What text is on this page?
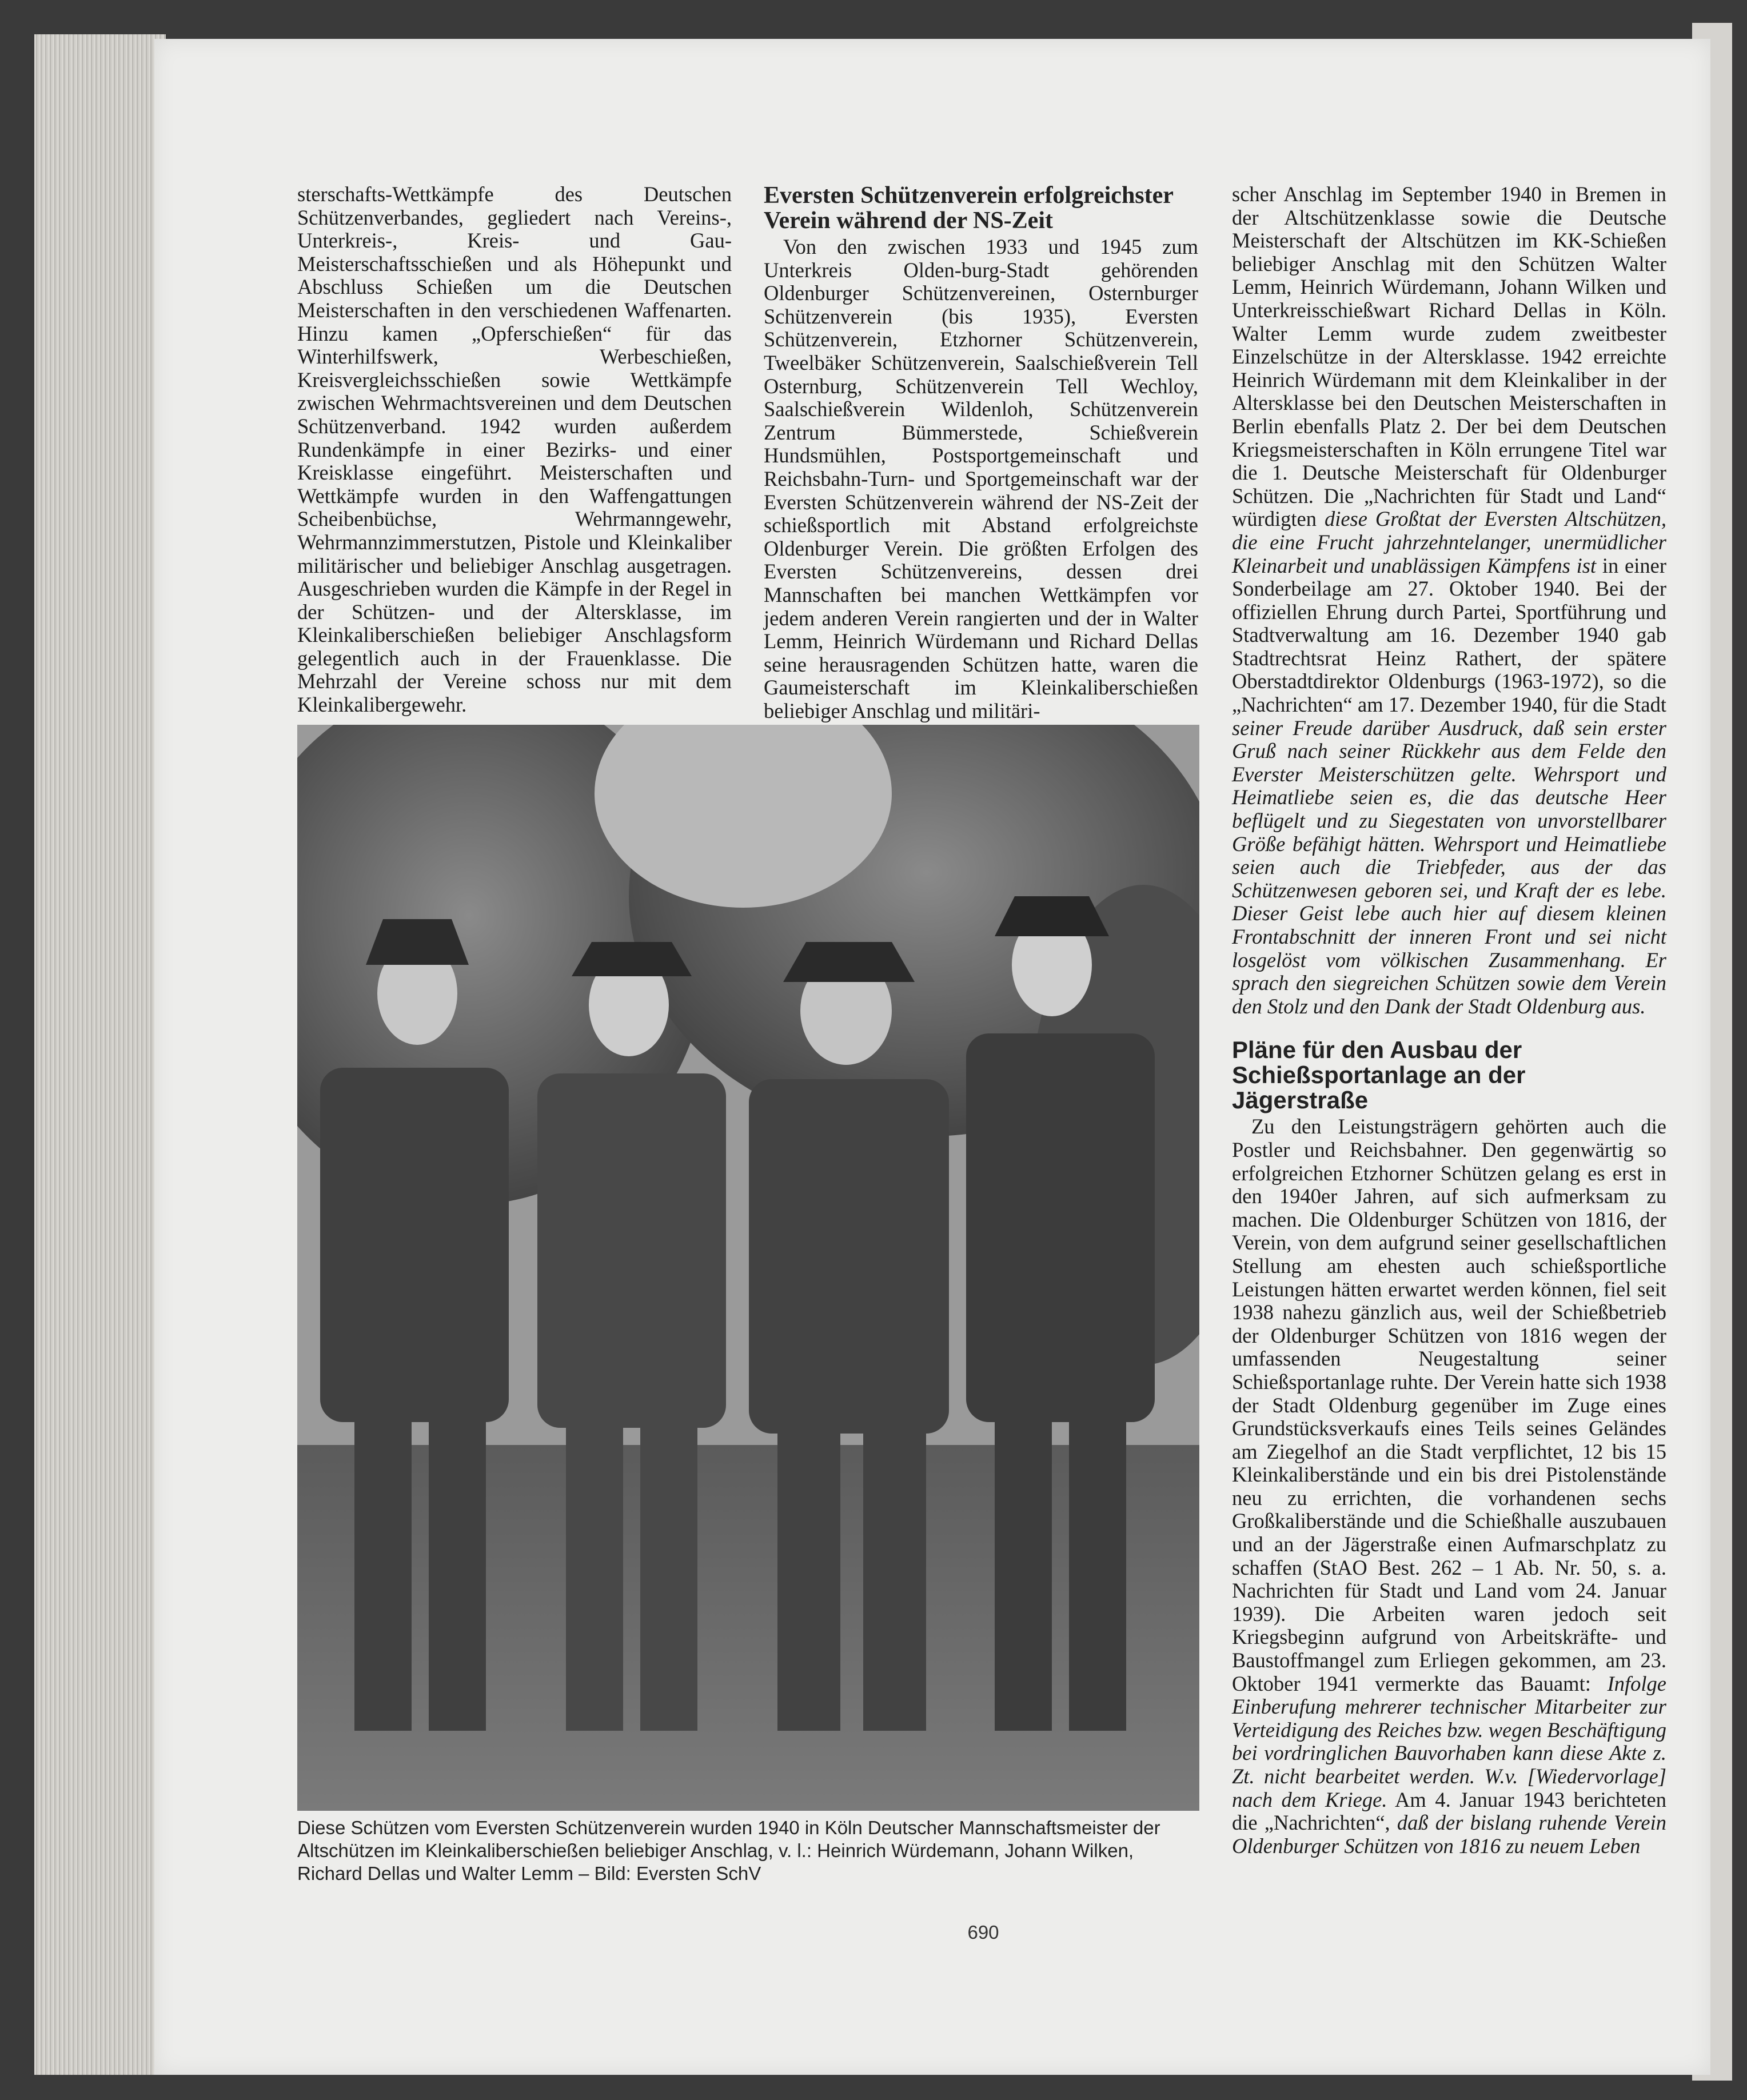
sterschafts-Wettkämpfe des Deutschen Schützenverbandes, gegliedert nach Vereins-, Unterkreis-, Kreis- und Gau-Meisterschaftsschießen und als Höhepunkt und Abschluss Schießen um die Deutschen Meisterschaften in den verschiedenen Waffenarten. Hinzu kamen „Opferschießen“ für das Winterhilfswerk, Werbeschießen, Kreisvergleichsschießen sowie Wettkämpfe zwischen Wehrmachtsvereinen und dem Deutschen Schützenverband. 1942 wurden außerdem Rundenkämpfe in einer Bezirks- und einer Kreisklasse eingeführt. Meisterschaften und Wettkämpfe wurden in den Waffengattungen Scheibenbüchse, Wehrmanngewehr, Wehrmannzimmerstutzen, Pistole und Kleinkaliber militärischer und beliebiger Anschlag ausgetragen. Ausgeschrieben wurden die Kämpfe in der Regel in der Schützen- und der Altersklasse, im Kleinkaliberschießen beliebiger Anschlagsform gelegentlich auch in der Frauenklasse. Die Mehrzahl der Vereine schoss nur mit dem Kleinkalibergewehr.

Eversten Schützenverein erfolgreichster Verein während der NS-Zeit

Von den zwischen 1933 und 1945 zum Unterkreis Olden-burg-Stadt gehörenden Oldenburger Schützenvereinen, Osternburger Schützenverein (bis 1935), Eversten Schützenverein, Etzhorner Schützenverein, Tweelbäker Schützenverein, Saalschießverein Tell Osternburg, Schützenverein Tell Wechloy, Saalschießverein Wildenloh, Schützenverein Zentrum Bümmerstede, Schießverein Hundsmühlen, Postsportgemeinschaft und Reichsbahn-Turn- und Sportgemeinschaft war der Eversten Schützenverein während der NS-Zeit der schießsportlich mit Abstand erfolgreichste Oldenburger Verein. Die größten Erfolgen des Eversten Schützenvereins, dessen drei Mannschaften bei manchen Wettkämpfen vor jedem anderen Verein rangierten und der in Walter Lemm, Heinrich Würdemann und Richard Dellas seine herausragenden Schützen hatte, waren die Gaumeisterschaft im Kleinkaliberschießen beliebiger Anschlag und militäri-

scher Anschlag im September 1940 in Bremen in der Altschützenklasse sowie die Deutsche Meisterschaft der Altschützen im KK-Schießen beliebiger Anschlag mit den Schützen Walter Lemm, Heinrich Würdemann, Johann Wilken und Unterkreisschießwart Richard Dellas in Köln. Walter Lemm wurde zudem zweitbester Einzelschütze in der Altersklasse. 1942 erreichte Heinrich Würdemann mit dem Kleinkaliber in der Altersklasse bei den Deutschen Meisterschaften in Berlin ebenfalls Platz 2. Der bei dem Deutschen Kriegsmeisterschaften in Köln errungene Titel war die 1. Deutsche Meisterschaft für Oldenburger Schützen. Die „Nachrichten für Stadt und Land“ würdigten diese Großtat der Eversten Altschützen, die eine Frucht jahrzehntelanger, unermüdlicher Kleinarbeit und unablässigen Kämpfens ist in einer Sonderbeilage am 27. Oktober 1940. Bei der offiziellen Ehrung durch Partei, Sportführung und Stadtverwaltung am 16. Dezember 1940 gab Stadtrechtsrat Heinz Rathert, der spätere Oberstadtdirektor Oldenburgs (1963-1972), so die „Nachrichten“ am 17. Dezember 1940, für die Stadt seiner Freude darüber Ausdruck, daß sein erster Gruß nach seiner Rückkehr aus dem Felde den Everster Meisterschützen gelte. Wehrsport und Heimatliebe seien es, die das deutsche Heer beflügelt und zu Siegestaten von unvorstellbarer Größe befähigt hätten. Wehrsport und Heimatliebe seien auch die Triebfeder, aus der das Schützenwesen geboren sei, und Kraft der es lebe. Dieser Geist lebe auch hier auf diesem kleinen Frontabschnitt der inneren Front und sei nicht losgelöst vom völkischen Zusammenhang. Er sprach den siegreichen Schützen sowie dem Verein den Stolz und den Dank der Stadt Oldenburg aus.

Pläne für den Ausbau der Schießsportanlage an der Jägerstraße

Zu den Leistungsträgern gehörten auch die Postler und Reichsbahner. Den gegenwärtig so erfolgreichen Etzhorner Schützen gelang es erst in den 1940er Jahren, auf sich aufmerksam zu machen. Die Oldenburger Schützen von 1816, der Verein, von dem aufgrund seiner gesellschaftlichen Stellung am ehesten auch schießsportliche Leistungen hätten erwartet werden können, fiel seit 1938 nahezu gänzlich aus, weil der Schießbetrieb der Oldenburger Schützen von 1816 wegen der umfassenden Neugestaltung seiner Schießsportanlage ruhte. Der Verein hatte sich 1938 der Stadt Oldenburg gegenüber im Zuge eines Grundstücksverkaufs eines Teils seines Geländes am Ziegelhof an die Stadt verpflichtet, 12 bis 15 Kleinkaliberstände und ein bis drei Pistolenstände neu zu errichten, die vorhandenen sechs Großkaliberstände und die Schießhalle auszubauen und an der Jägerstraße einen Aufmarschplatz zu schaffen (StAO Best. 262 – 1 Ab. Nr. 50, s. a. Nachrichten für Stadt und Land vom 24. Januar 1939). Die Arbeiten waren jedoch seit Kriegsbeginn aufgrund von Arbeitskräfte- und Baustoffmangel zum Erliegen gekommen, am 23. Oktober 1941 vermerkte das Bauamt: Infolge Einberufung mehrerer technischer Mitarbeiter zur Verteidigung des Reiches bzw. wegen Beschäftigung bei vordringlichen Bauvorhaben kann diese Akte z. Zt. nicht bearbeitet werden. W.v. [Wiedervorlage] nach dem Kriege. Am 4. Januar 1943 berichteten die „Nachrichten“, daß der bislang ruhende Verein Oldenburger Schützen von 1816 zu neuem Leben

Diese Schützen vom Eversten Schützenverein wurden 1940 in Köln Deutscher Mannschaftsmeister der Altschützen im Kleinkaliberschießen beliebiger Anschlag, v. l.: Heinrich Würdemann, Johann Wilken, Richard Dellas und Walter Lemm – Bild: Eversten SchV
690
